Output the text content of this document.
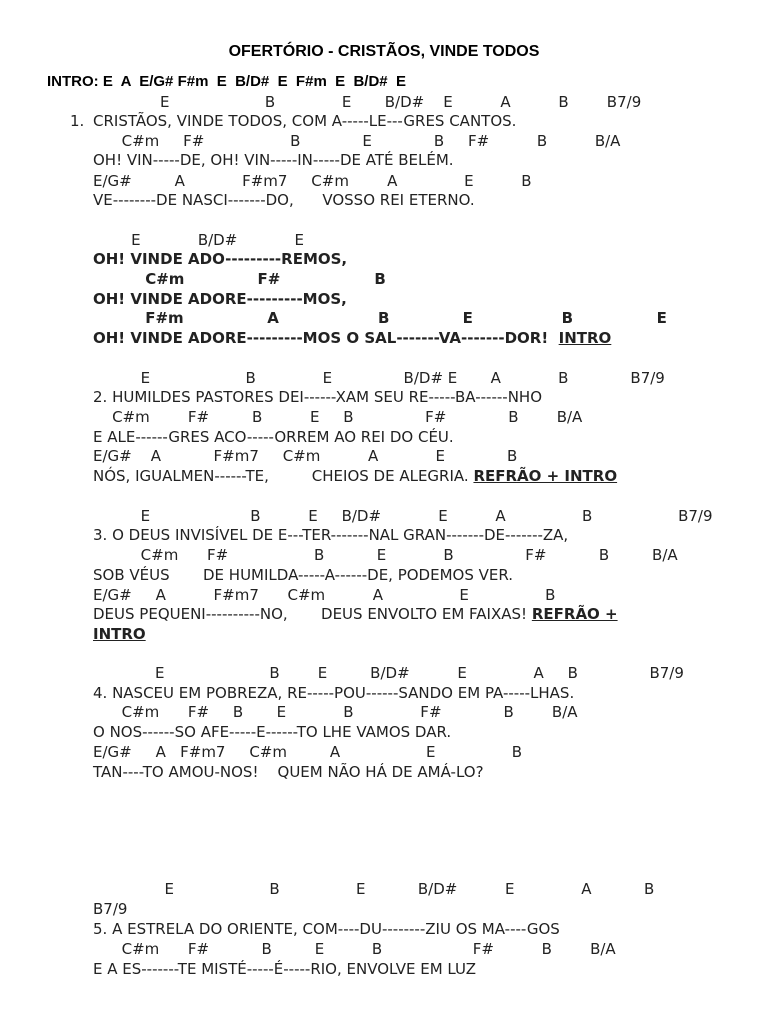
OFERTÓRIO - CRISTÃOS, VINDE TODOS
INTRO: E  A  E/G# F#m  E  B/D#  E  F#m  E  B/D#  E
E                    B              E       B/D#    E          A          B        B7/9
1. CRISTÃOS, VINDE TODOS, COM A-----LE---GRES CANTOS.
C#m     F#                  B             E             B     F#          B          B/A
OH! VIN-----DE, OH! VIN-----IN-----DE ATÉ BELÉM.
E/G#         A            F#m7     C#m        A              E          B
VE--------DE NASCI-------DO,      VOSSO REI ETERNO.
E            B/D#            E
OH! VINDE ADO---------REMOS,
C#m              F#                  B
OH! VINDE ADORE---------MOS,
F#m                A                   B              E                 B                E
OH! VINDE ADORE---------MOS O SAL-------VA-------DOR! INTRO
E                    B              E               B/D# E       A            B             B7/9
2. HUMILDES PASTORES DEI------XAM SEU RE-----BA------NHO
C#m        F#         B          E     B               F#             B        B/A
E ALE------GRES ACO-----ORREM AO REI DO CÉU.
E/G#    A           F#m7     C#m          A            E             B
NÓS, IGUALMEN------TE,         CHEIOS DE ALEGRIA. REFRÃO + INTRO
E                     B          E     B/D#            E          A                B                  B7/9
3. O DEUS INVISÍVEL DE E---TER-------NAL GRAN-------DE-------ZA,
C#m      F#                  B           E            B               F#           B         B/A
SOB VÉUS       DE HUMILDA-----A------DE, PODEMOS VER.
E/G#     A          F#m7      C#m          A                E                B
DEUS PEQUENI----------NO,       DEUS ENVOLTO EM FAIXAS! REFRÃO +
INTRO
E                      B        E         B/D#          E              A     B               B7/9
4. NASCEU EM POBREZA, RE-----POU------SANDO EM PA-----LHAS.
C#m      F#     B       E            B              F#             B        B/A
O NOS------SO AFE-----E------TO LHE VAMOS DAR.
E/G#     A   F#m7     C#m         A                  E                B
TAN----TO AMOU-NOS!    QUEM NÃO HÁ DE AMÁ-LO?
E                    B                E           B/D#          E              A           B
B7/9
5. A ESTRELA DO ORIENTE, COM----DU--------ZIU OS MA----GOS
C#m      F#           B         E          B                   F#          B        B/A
E A ES-------TE MISTÉ-----É-----RIO, ENVOLVE EM LUZ
